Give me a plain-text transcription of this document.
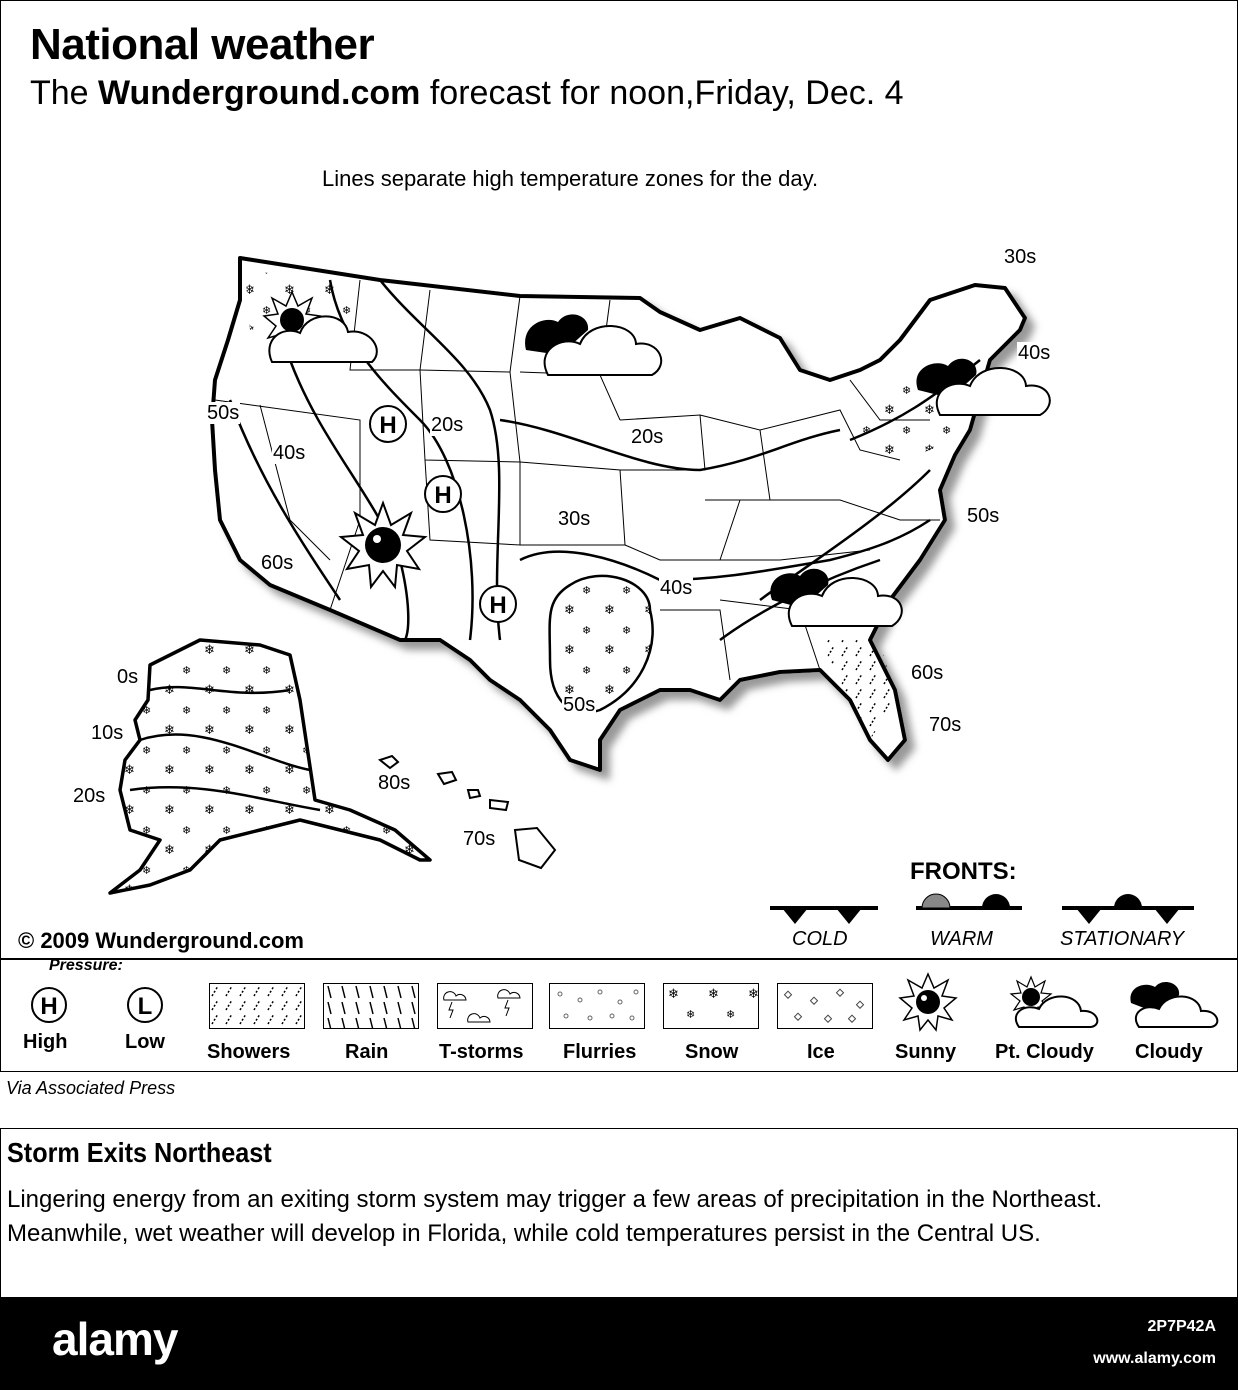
National weather
The Wunderground.com forecast for noon,Friday, Dec. 4
Lines separate high temperature zones for the day.
H
H
H
30s
40s
50s
40s
20s
20s
30s	50s
60s
40s
60s
70s
50s
0s
10s
20s
80s
70s
© 2009 Wunderground.com
FRONTS:
COLD	WARM	STATIONARY
Pressure:
H
High
L
Low Showers	Rain	T-storms Flurries Snow	Ice	Sunny Pt. Cloudy Cloudy
Via Associated Press
Storm Exits Northeast

Lingering energy from an exiting storm system may trigger a few areas of precipitation in the Northeast. Meanwhile, wet weather will develop in Florida, while cold temperatures persist in the Central US.

alamy	2P7P42A
www.alamy.com
